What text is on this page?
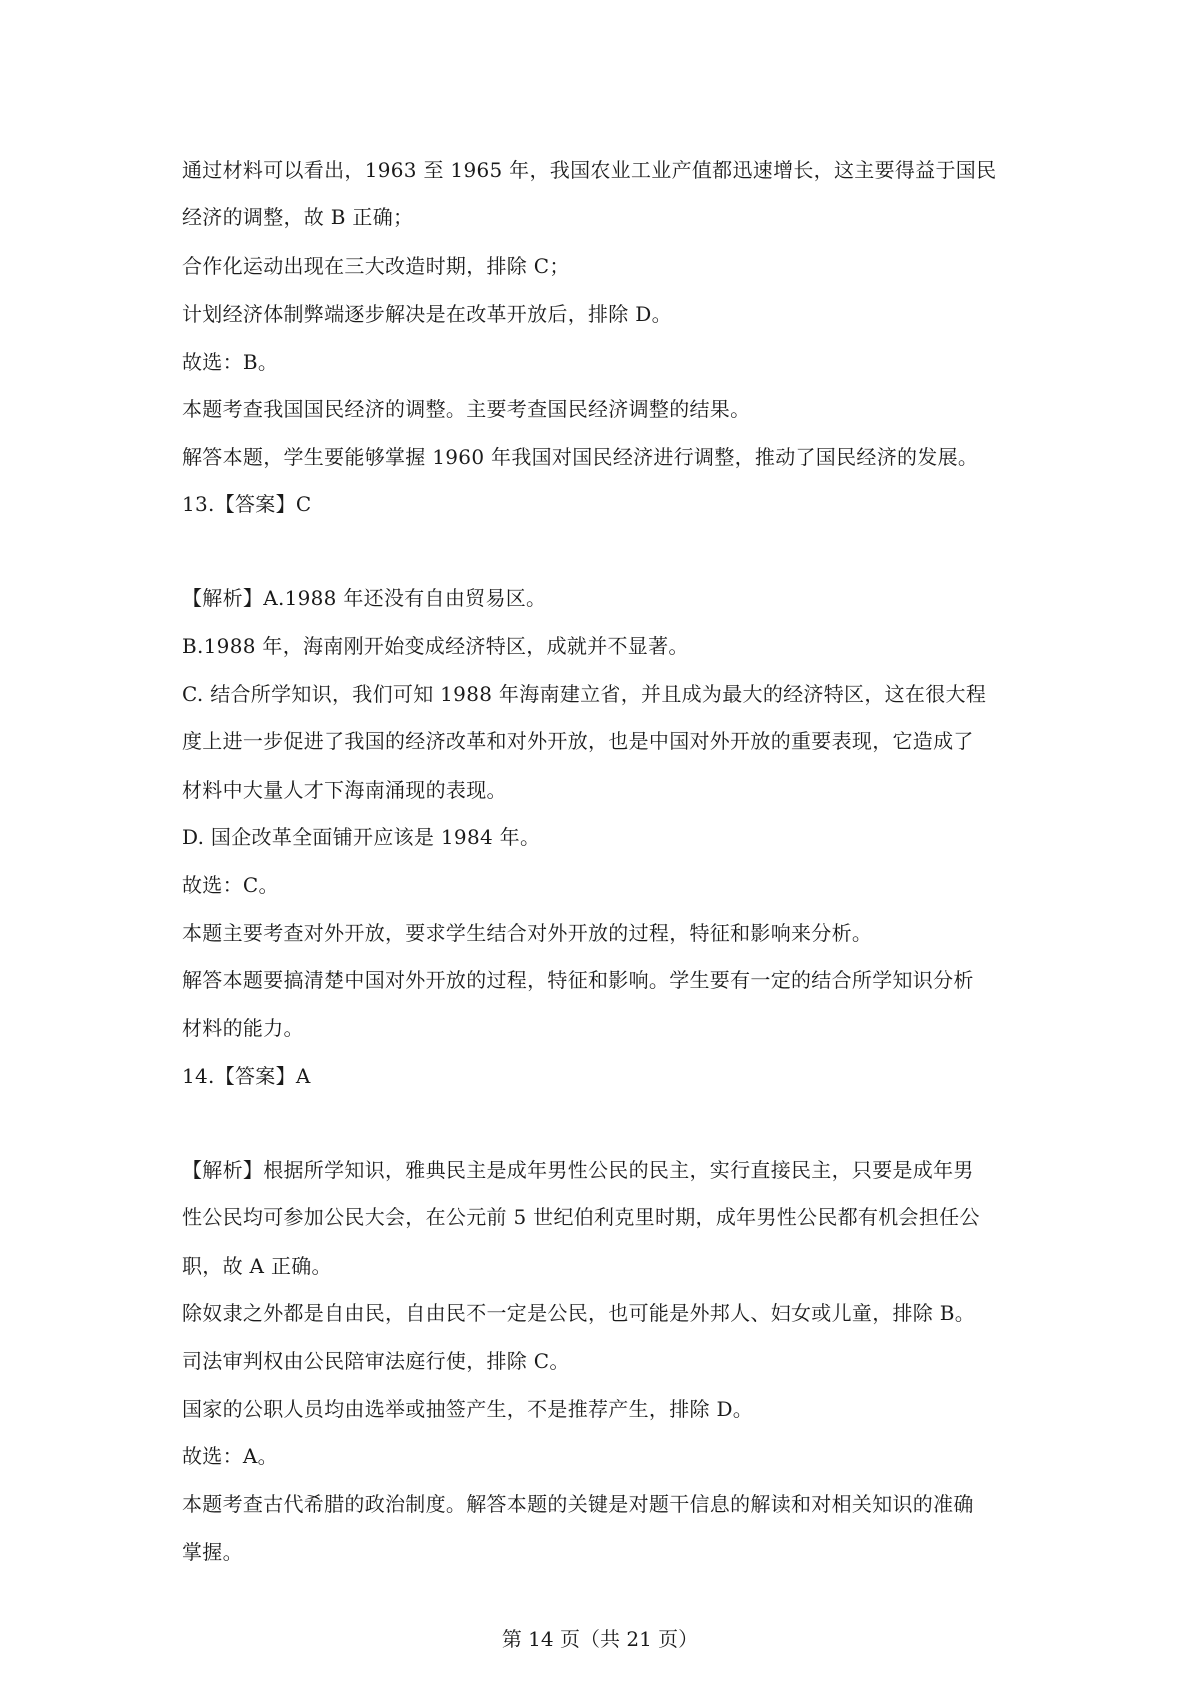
通过材料可以看出，1963 至 1965 年，我国农业工业产值都迅速增长，这主要得益于国民
经济的调整，故 B 正确；
合作化运动出现在三大改造时期，排除 C；
计划经济体制弊端逐步解决是在改革开放后，排除 D。
故选：B。
本题考查我国国民经济的调整。主要考查国民经济调整的结果。
解答本题，学生要能够掌握 1960 年我国对国民经济进行调整，推动了国民经济的发展。
13.【答案】C
【解析】A.1988 年还没有自由贸易区。
B.1988 年，海南刚开始变成经济特区，成就并不显著。
C. 结合所学知识，我们可知 1988 年海南建立省，并且成为最大的经济特区，这在很大程
度上进一步促进了我国的经济改革和对外开放，也是中国对外开放的重要表现，它造成了
材料中大量人才下海南涌现的表现。
D. 国企改革全面铺开应该是 1984 年。
故选：C。
本题主要考查对外开放，要求学生结合对外开放的过程，特征和影响来分析。
解答本题要搞清楚中国对外开放的过程，特征和影响。学生要有一定的结合所学知识分析
材料的能力。
14.【答案】A
【解析】根据所学知识，雅典民主是成年男性公民的民主，实行直接民主，只要是成年男
性公民均可参加公民大会，在公元前 5 世纪伯利克里时期，成年男性公民都有机会担任公
职，故 A 正确。
除奴隶之外都是自由民，自由民不一定是公民，也可能是外邦人、妇女或儿童，排除 B。
司法审判权由公民陪审法庭行使，排除 C。
国家的公职人员均由选举或抽签产生，不是推荐产生，排除 D。
故选：A。
本题考查古代希腊的政治制度。解答本题的关键是对题干信息的解读和对相关知识的准确
掌握。
第 14 页（共 21 页）
